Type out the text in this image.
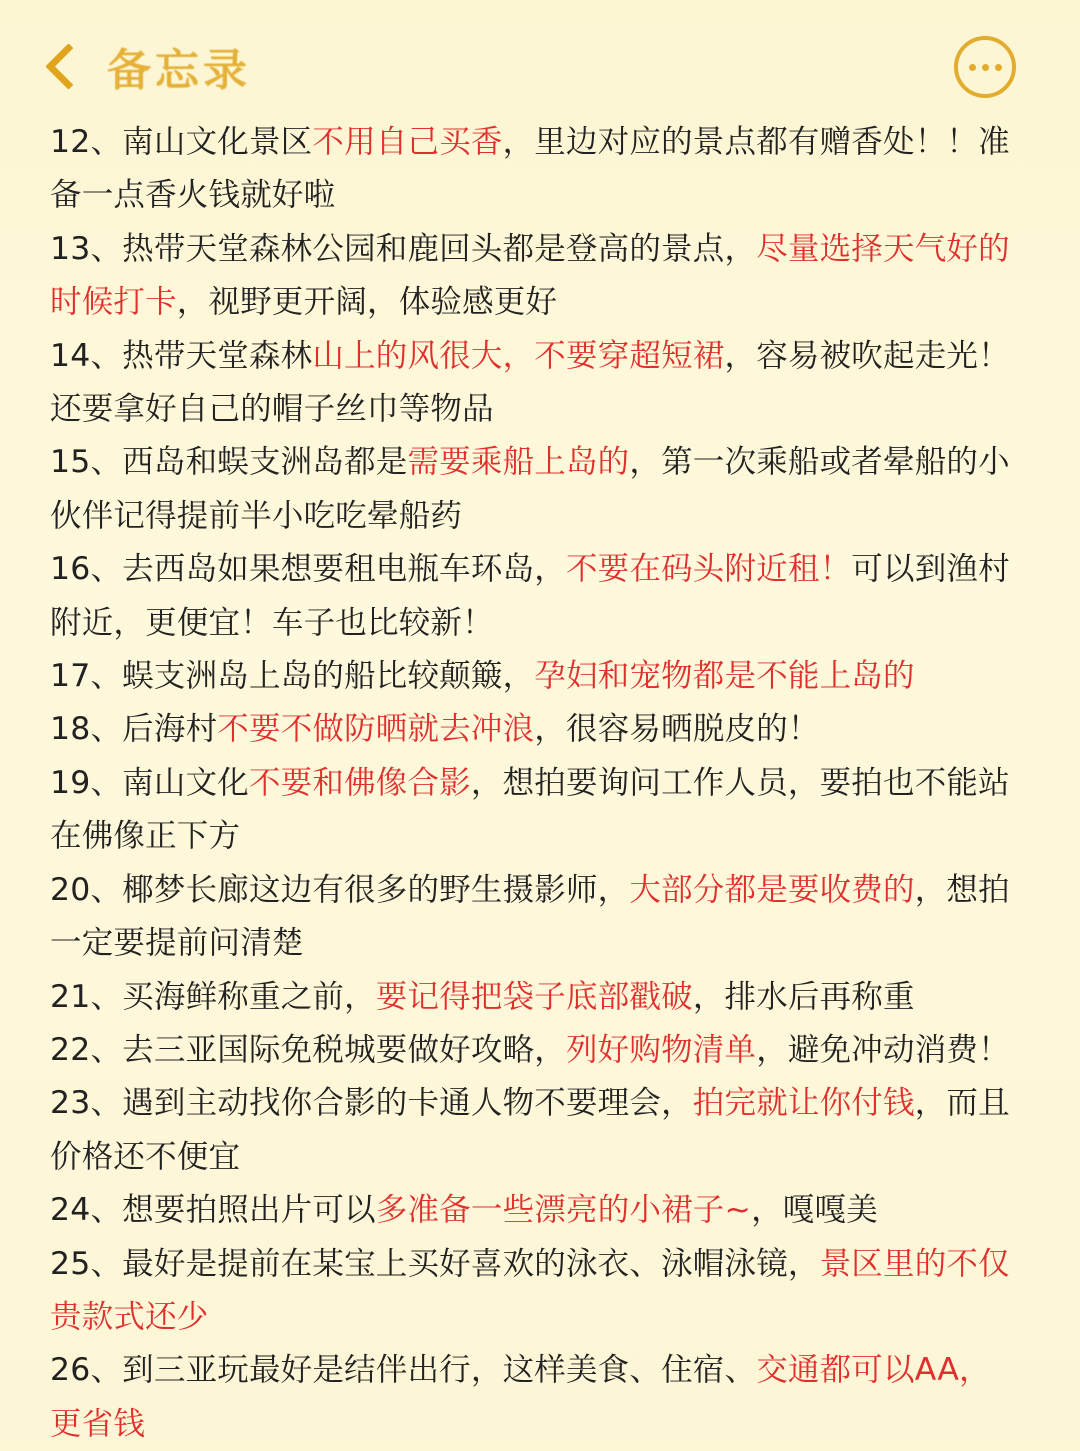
备忘录

12、南山文化景区不用自己买香，里边对应的景点都有赠香处！！准备一点香火钱就好啦

13、热带天堂森林公园和鹿回头都是登高的景点，尽量选择天气好的时候打卡，视野更开阔，体验感更好

14、热带天堂森林山上的风很大，不要穿超短裙，容易被吹起走光！还要拿好自己的帽子丝巾等物品

15、西岛和蜈支洲岛都是需要乘船上岛的，第一次乘船或者晕船的小伙伴记得提前半小吃吃晕船药

16、去西岛如果想要租电瓶车环岛，不要在码头附近租！可以到渔村附近，更便宜！车子也比较新！

17、蜈支洲岛上岛的船比较颠簸，孕妇和宠物都是不能上岛的

18、后海村不要不做防晒就去冲浪，很容易晒脱皮的！

19、南山文化不要和佛像合影，想拍要询问工作人员，要拍也不能站在佛像正下方

20、椰梦长廊这边有很多的野生摄影师，大部分都是要收费的，想拍一定要提前问清楚

21、买海鲜称重之前，要记得把袋子底部戳破，排水后再称重

22、去三亚国际免税城要做好攻略，列好购物清单，避免冲动消费！

23、遇到主动找你合影的卡通人物不要理会，拍完就让你付钱，而且价格还不便宜

24、想要拍照出片可以多准备一些漂亮的小裙子~，嘎嘎美

25、最好是提前在某宝上买好喜欢的泳衣、泳帽泳镜，景区里的不仅贵款式还少

26、到三亚玩最好是结伴出行，这样美食、住宿、交通都可以AA，更省钱
